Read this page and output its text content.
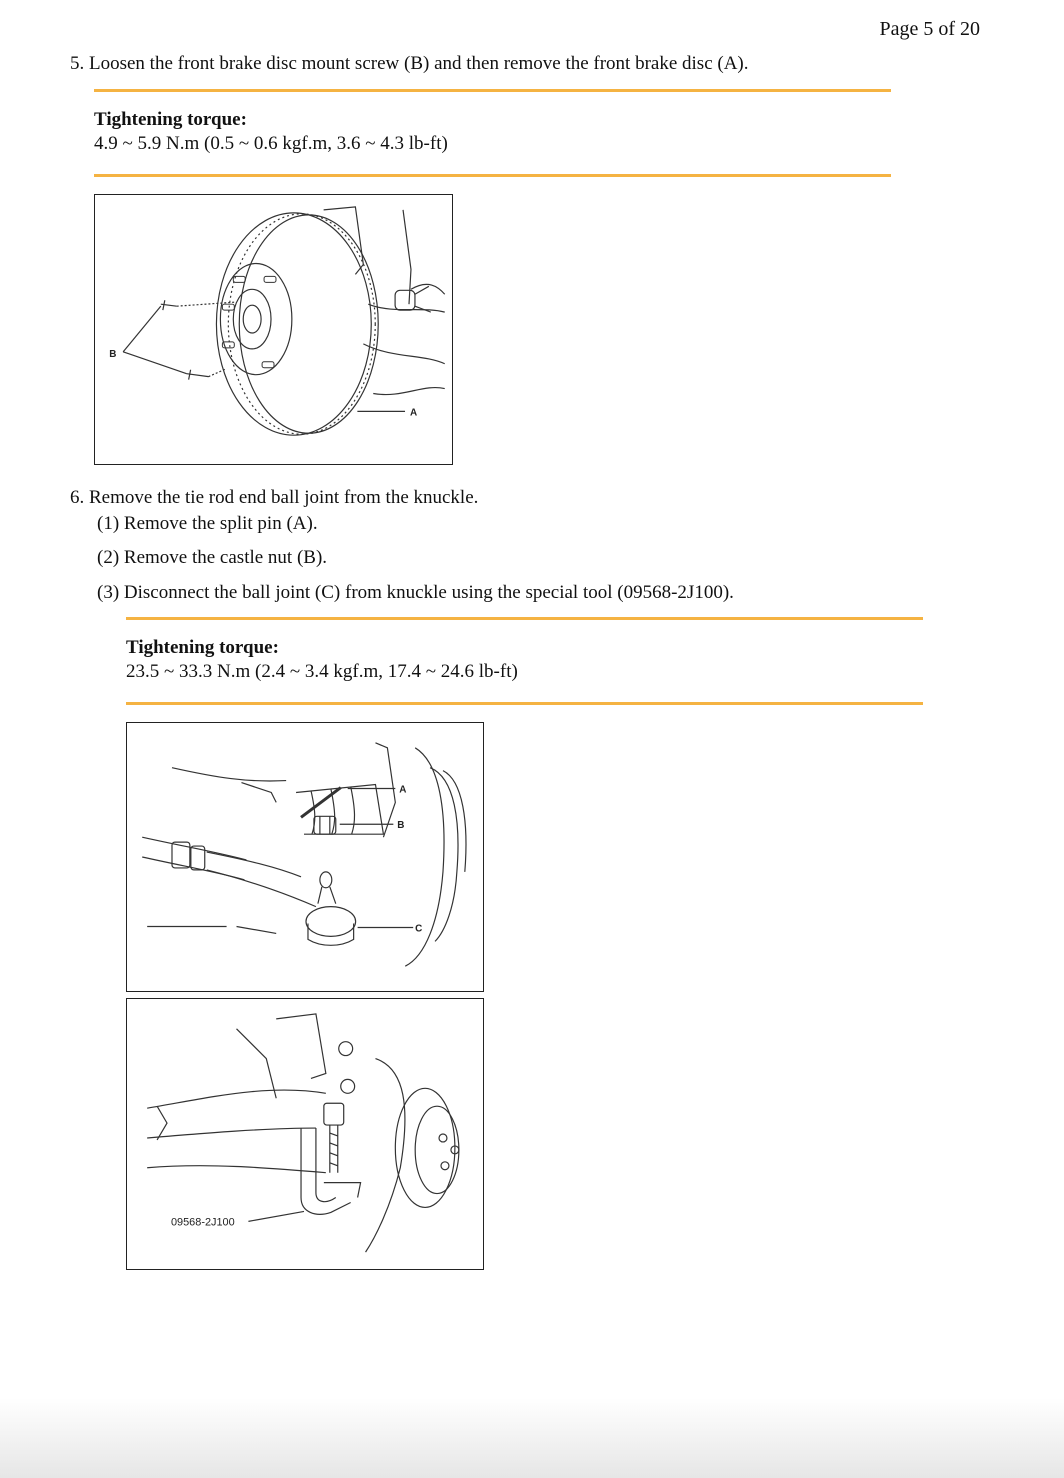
Page 5 of 20
5. Loosen the front brake disc mount screw (B) and then remove the front brake disc (A).
Tightening torque:
4.9 ~ 5.9 N.m (0.5 ~ 0.6 kgf.m, 3.6 ~ 4.3 lb-ft)
B
A
6. Remove the tie rod end ball joint from the knuckle.
(1) Remove the split pin (A).
(2) Remove the castle nut (B).
(3) Disconnect the ball joint (C) from knuckle using the special tool (09568-2J100).
Tightening torque:
23.5 ~ 33.3 N.m (2.4 ~ 3.4 kgf.m, 17.4 ~ 24.6 lb-ft)
A
B
C
09568-2J100
